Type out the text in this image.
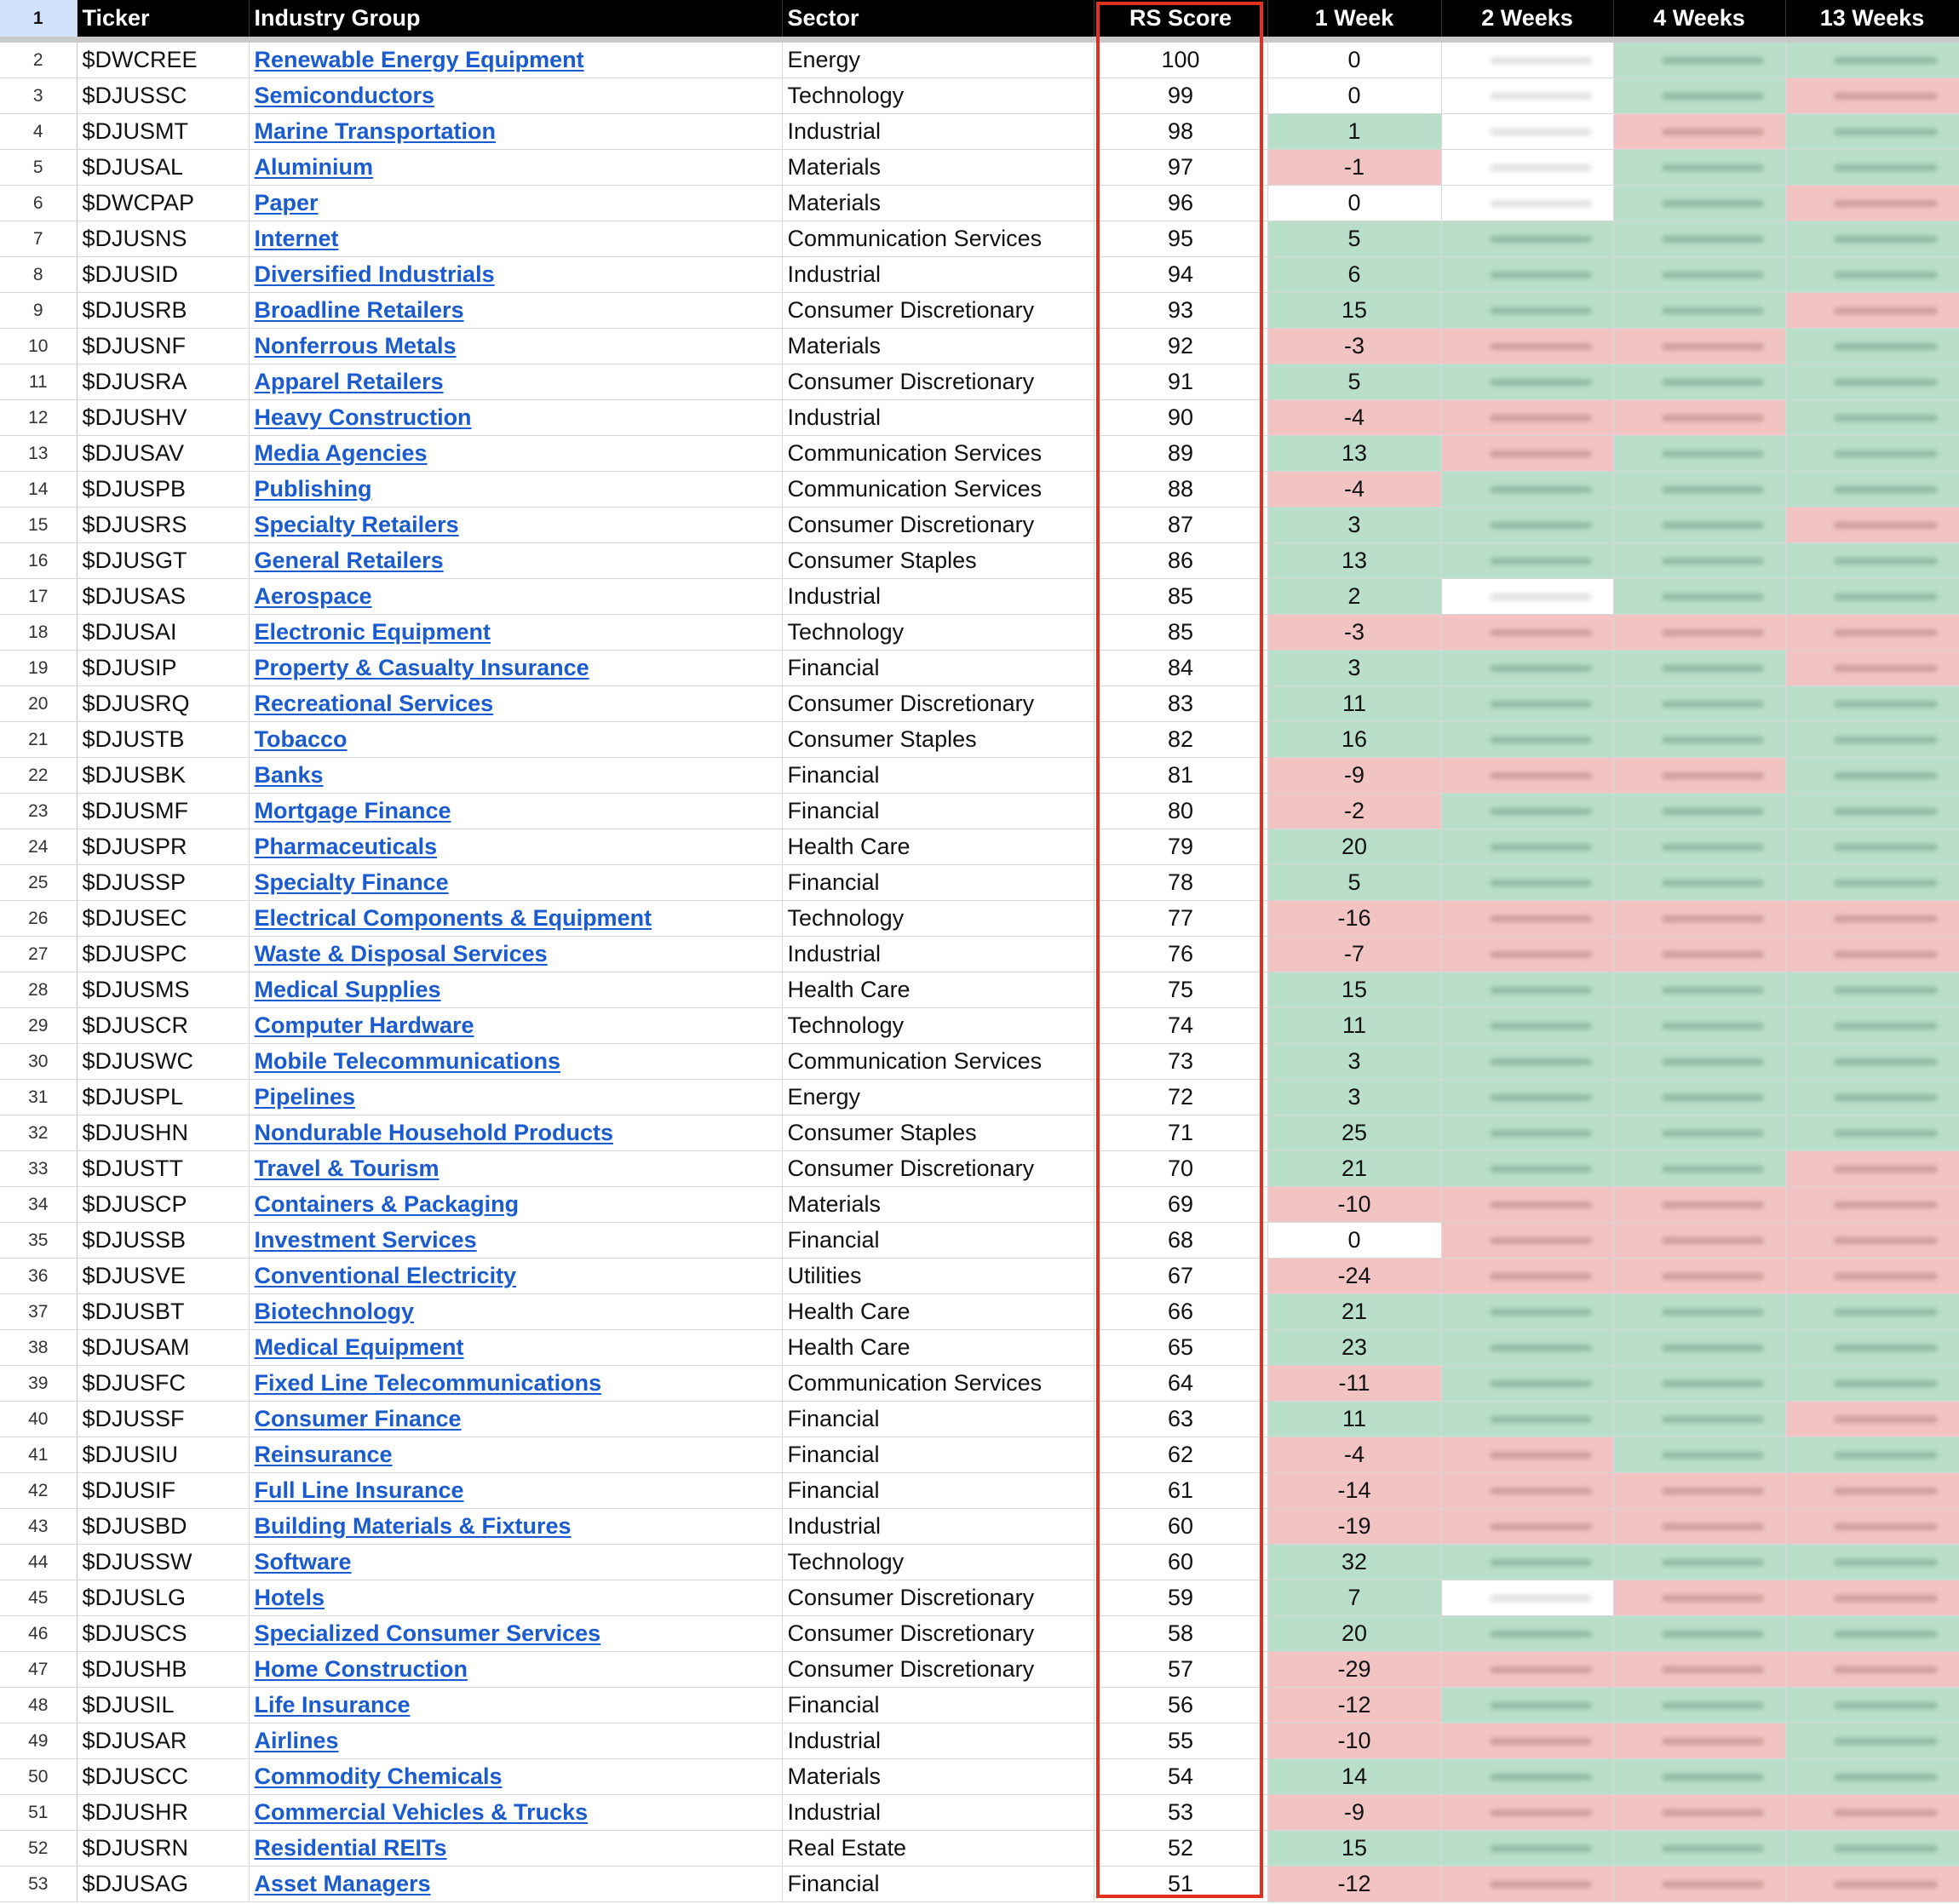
1	Ticker	Industry Group	Sector	RS Score	1 Week	2 Weeks	4 Weeks	13 Weeks
2	$DWCREE	Renewable Energy Equipment	Energy	100	0	

3	$DJUSSC	Semiconductors	Technology	99	0	

4	$DJUSMT	Marine Transportation	Industrial	98	1	

5	$DJUSAL	Aluminium	Materials	97	-1	

6	$DWCPAP	Paper	Materials	96	0	

7	$DJUSNS	Internet	Communication Services	95	5	

8	$DJUSID	Diversified Industrials	Industrial	94	6	

9	$DJUSRB	Broadline Retailers	Consumer Discretionary	93	15	

10	$DJUSNF	Nonferrous Metals	Materials	92	-3	

11	$DJUSRA	Apparel Retailers	Consumer Discretionary	91	5	

12	$DJUSHV	Heavy Construction	Industrial	90	-4	

13	$DJUSAV	Media Agencies	Communication Services	89	13	

14	$DJUSPB	Publishing	Communication Services	88	-4	

15	$DJUSRS	Specialty Retailers	Consumer Discretionary	87	3	

16	$DJUSGT	General Retailers	Consumer Staples	86	13	

17	$DJUSAS	Aerospace	Industrial	85	2	

18	$DJUSAI	Electronic Equipment	Technology	85	-3	

19	$DJUSIP	Property & Casualty Insurance	Financial	84	3	

20	$DJUSRQ	Recreational Services	Consumer Discretionary	83	11	

21	$DJUSTB	Tobacco	Consumer Staples	82	16	

22	$DJUSBK	Banks	Financial	81	-9	

23	$DJUSMF	Mortgage Finance	Financial	80	-2	

24	$DJUSPR	Pharmaceuticals	Health Care	79	20	

25	$DJUSSP	Specialty Finance	Financial	78	5	

26	$DJUSEC	Electrical Components & Equipment	Technology	77	-16	

27	$DJUSPC	Waste & Disposal Services	Industrial	76	-7	

28	$DJUSMS	Medical Supplies	Health Care	75	15	

29	$DJUSCR	Computer Hardware	Technology	74	11	

30	$DJUSWC	Mobile Telecommunications	Communication Services	73	3	

31	$DJUSPL	Pipelines	Energy	72	3	

32	$DJUSHN	Nondurable Household Products	Consumer Staples	71	25	

33	$DJUSTT	Travel & Tourism	Consumer Discretionary	70	21	

34	$DJUSCP	Containers & Packaging	Materials	69	-10	

35	$DJUSSB	Investment Services	Financial	68	0	

36	$DJUSVE	Conventional Electricity	Utilities	67	-24	

37	$DJUSBT	Biotechnology	Health Care	66	21	

38	$DJUSAM	Medical Equipment	Health Care	65	23	

39	$DJUSFC	Fixed Line Telecommunications	Communication Services	64	-11	

40	$DJUSSF	Consumer Finance	Financial	63	11	

41	$DJUSIU	Reinsurance	Financial	62	-4	

42	$DJUSIF	Full Line Insurance	Financial	61	-14	

43	$DJUSBD	Building Materials & Fixtures	Industrial	60	-19	

44	$DJUSSW	Software	Technology	60	32	

45	$DJUSLG	Hotels	Consumer Discretionary	59	7	

46	$DJUSCS	Specialized Consumer Services	Consumer Discretionary	58	20	

47	$DJUSHB	Home Construction	Consumer Discretionary	57	-29	

48	$DJUSIL	Life Insurance	Financial	56	-12	

49	$DJUSAR	Airlines	Industrial	55	-10	

50	$DJUSCC	Commodity Chemicals	Materials	54	14	

51	$DJUSHR	Commercial Vehicles & Trucks	Industrial	53	-9	

52	$DJUSRN	Residential REITs	Real Estate	52	15	

53	$DJUSAG	Asset Managers	Financial	51	-12	
